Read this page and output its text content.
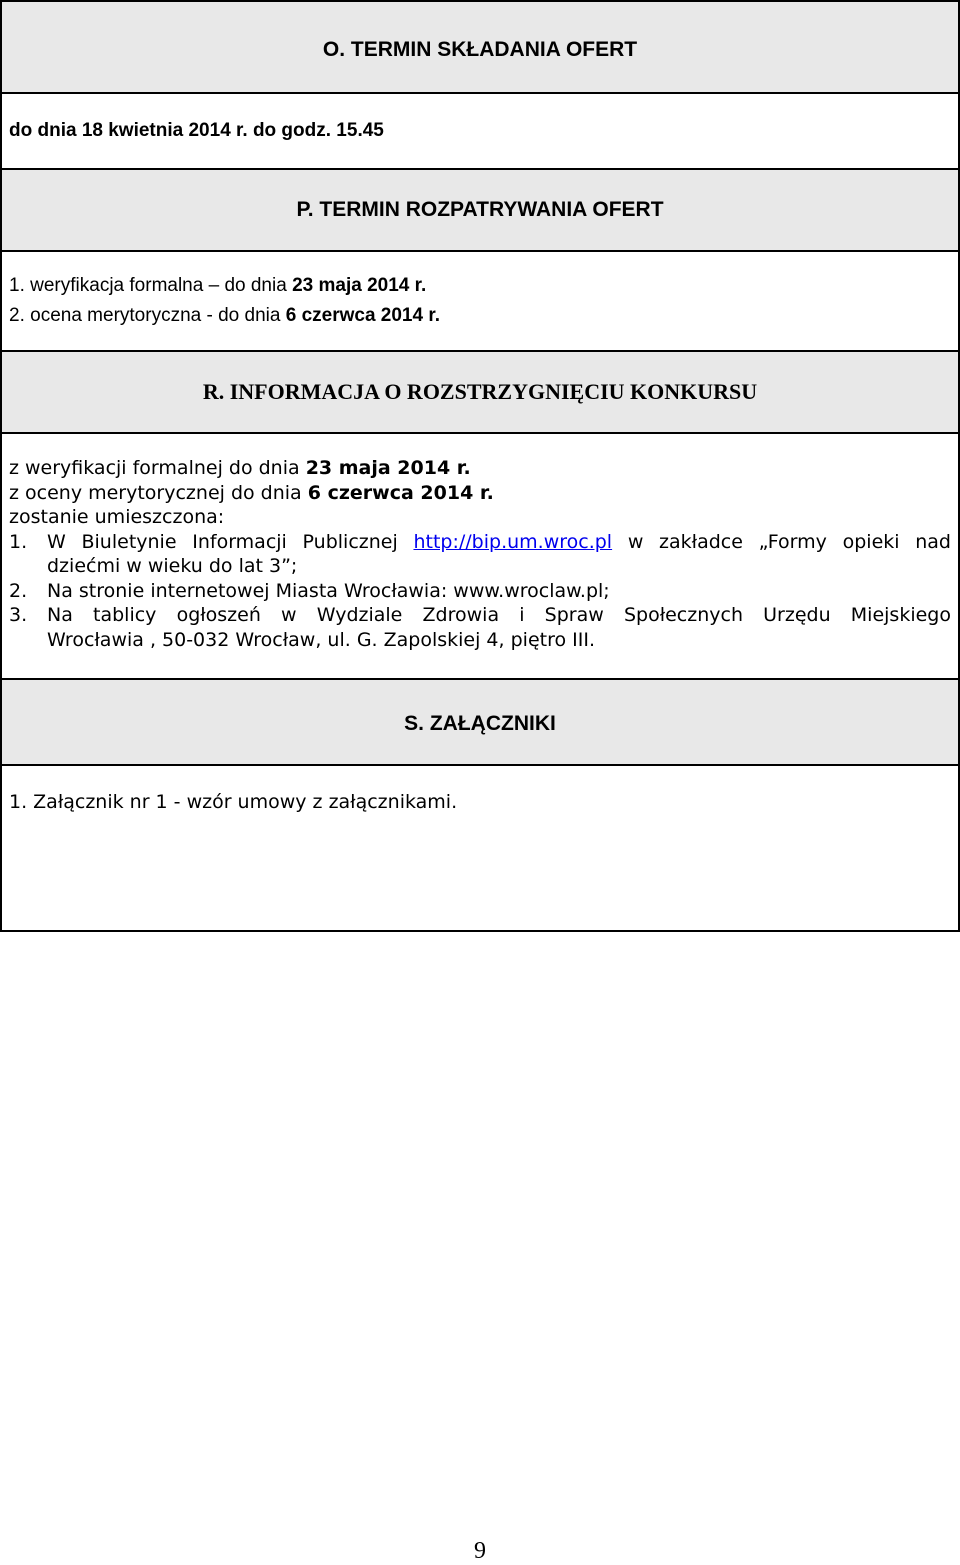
O. TERMIN SKŁADANIA OFERT
do dnia 18 kwietnia 2014 r. do godz. 15.45
P. TERMIN ROZPATRYWANIA OFERT

1. weryfikacja formalna – do dnia 23 maja 2014 r.
2. ocena merytoryczna - do dnia 6 czerwca 2014 r.

R. INFORMACJA O ROZSTRZYGNIĘCIU KONKURSU

z weryfikacji formalnej do dnia 23 maja 2014 r.
z oceny merytorycznej do dnia 6 czerwca 2014 r.
zostanie umieszczona:
1.	W Biuletynie Informacji Publicznej http://bip.um.wroc.pl w zakładce „Formy opieki nad
dziećmi w wieku do lat 3”;
2.	Na stronie internetowej Miasta Wrocławia: www.wroclaw.pl;
3.	Na tablicy ogłoszeń w Wydziale Zdrowia i Spraw Społecznych Urzędu Miejskiego
Wrocławia , 50-032 Wrocław, ul. G. Zapolskiej 4, piętro III.

S. ZAŁĄCZNIKI

1. Załącznik nr 1 - wzór umowy z załącznikami.
9
